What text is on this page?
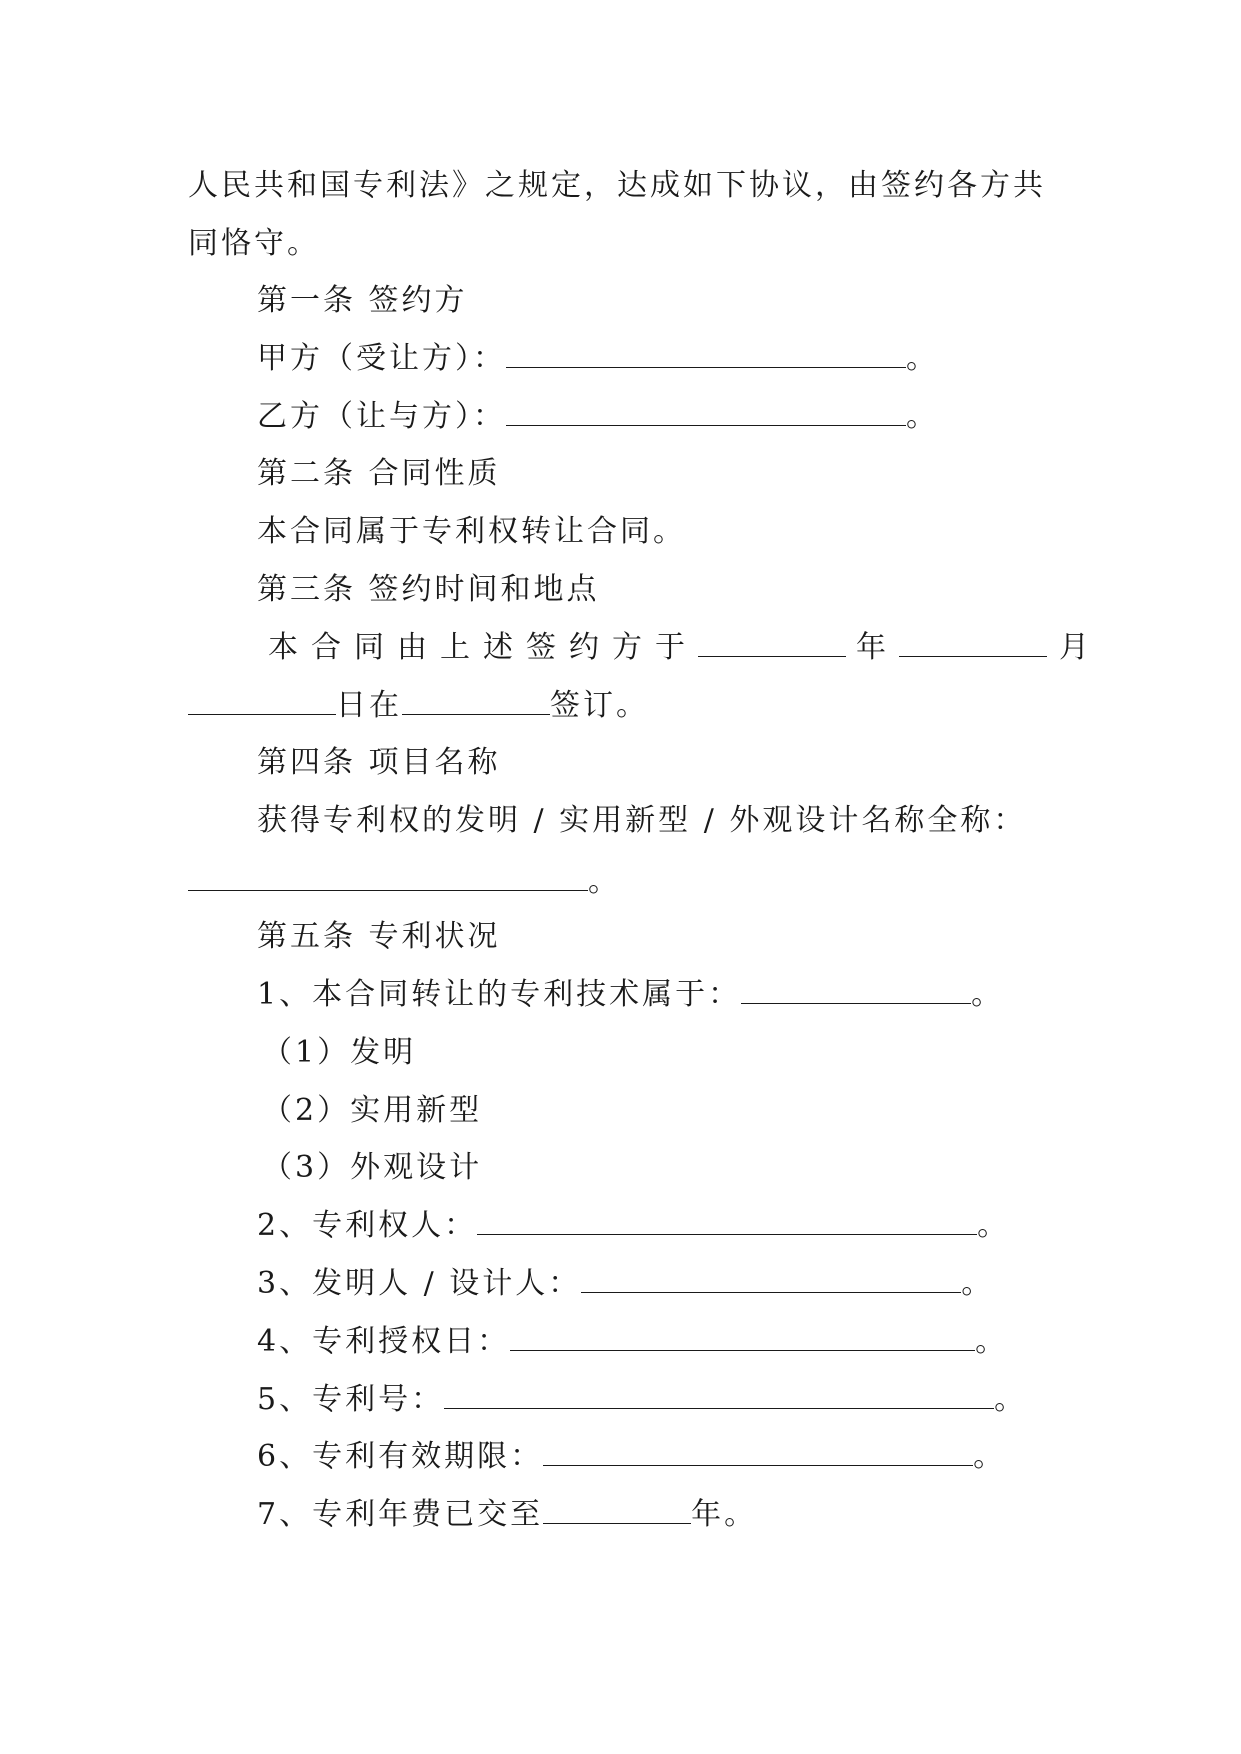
人民共和国专利法》之规定，达成如下协议，由签约各方共
同恪守。
第一条 签约方
甲方（受让方）：	。
乙方（让与方）：	。
第二条 合同性质
本合同属于专利权转让合同。
第三条 签约时间和地点
本合同由上述签约方于	年	月
日在	签订。
第四条 项目名称
获得专利权的发明 / 实用新型 / 外观设计名称全称：
。
第五条 专利状况
1、本合同转让的专利技术属于：	。
（1）发明
（2）实用新型
（3）外观设计
2、专利权人：	。
3、发明人 / 设计人：	。
4、专利授权日：	。
5、专利号：	。
6、专利有效期限：	。
7、专利年费已交至	年。
